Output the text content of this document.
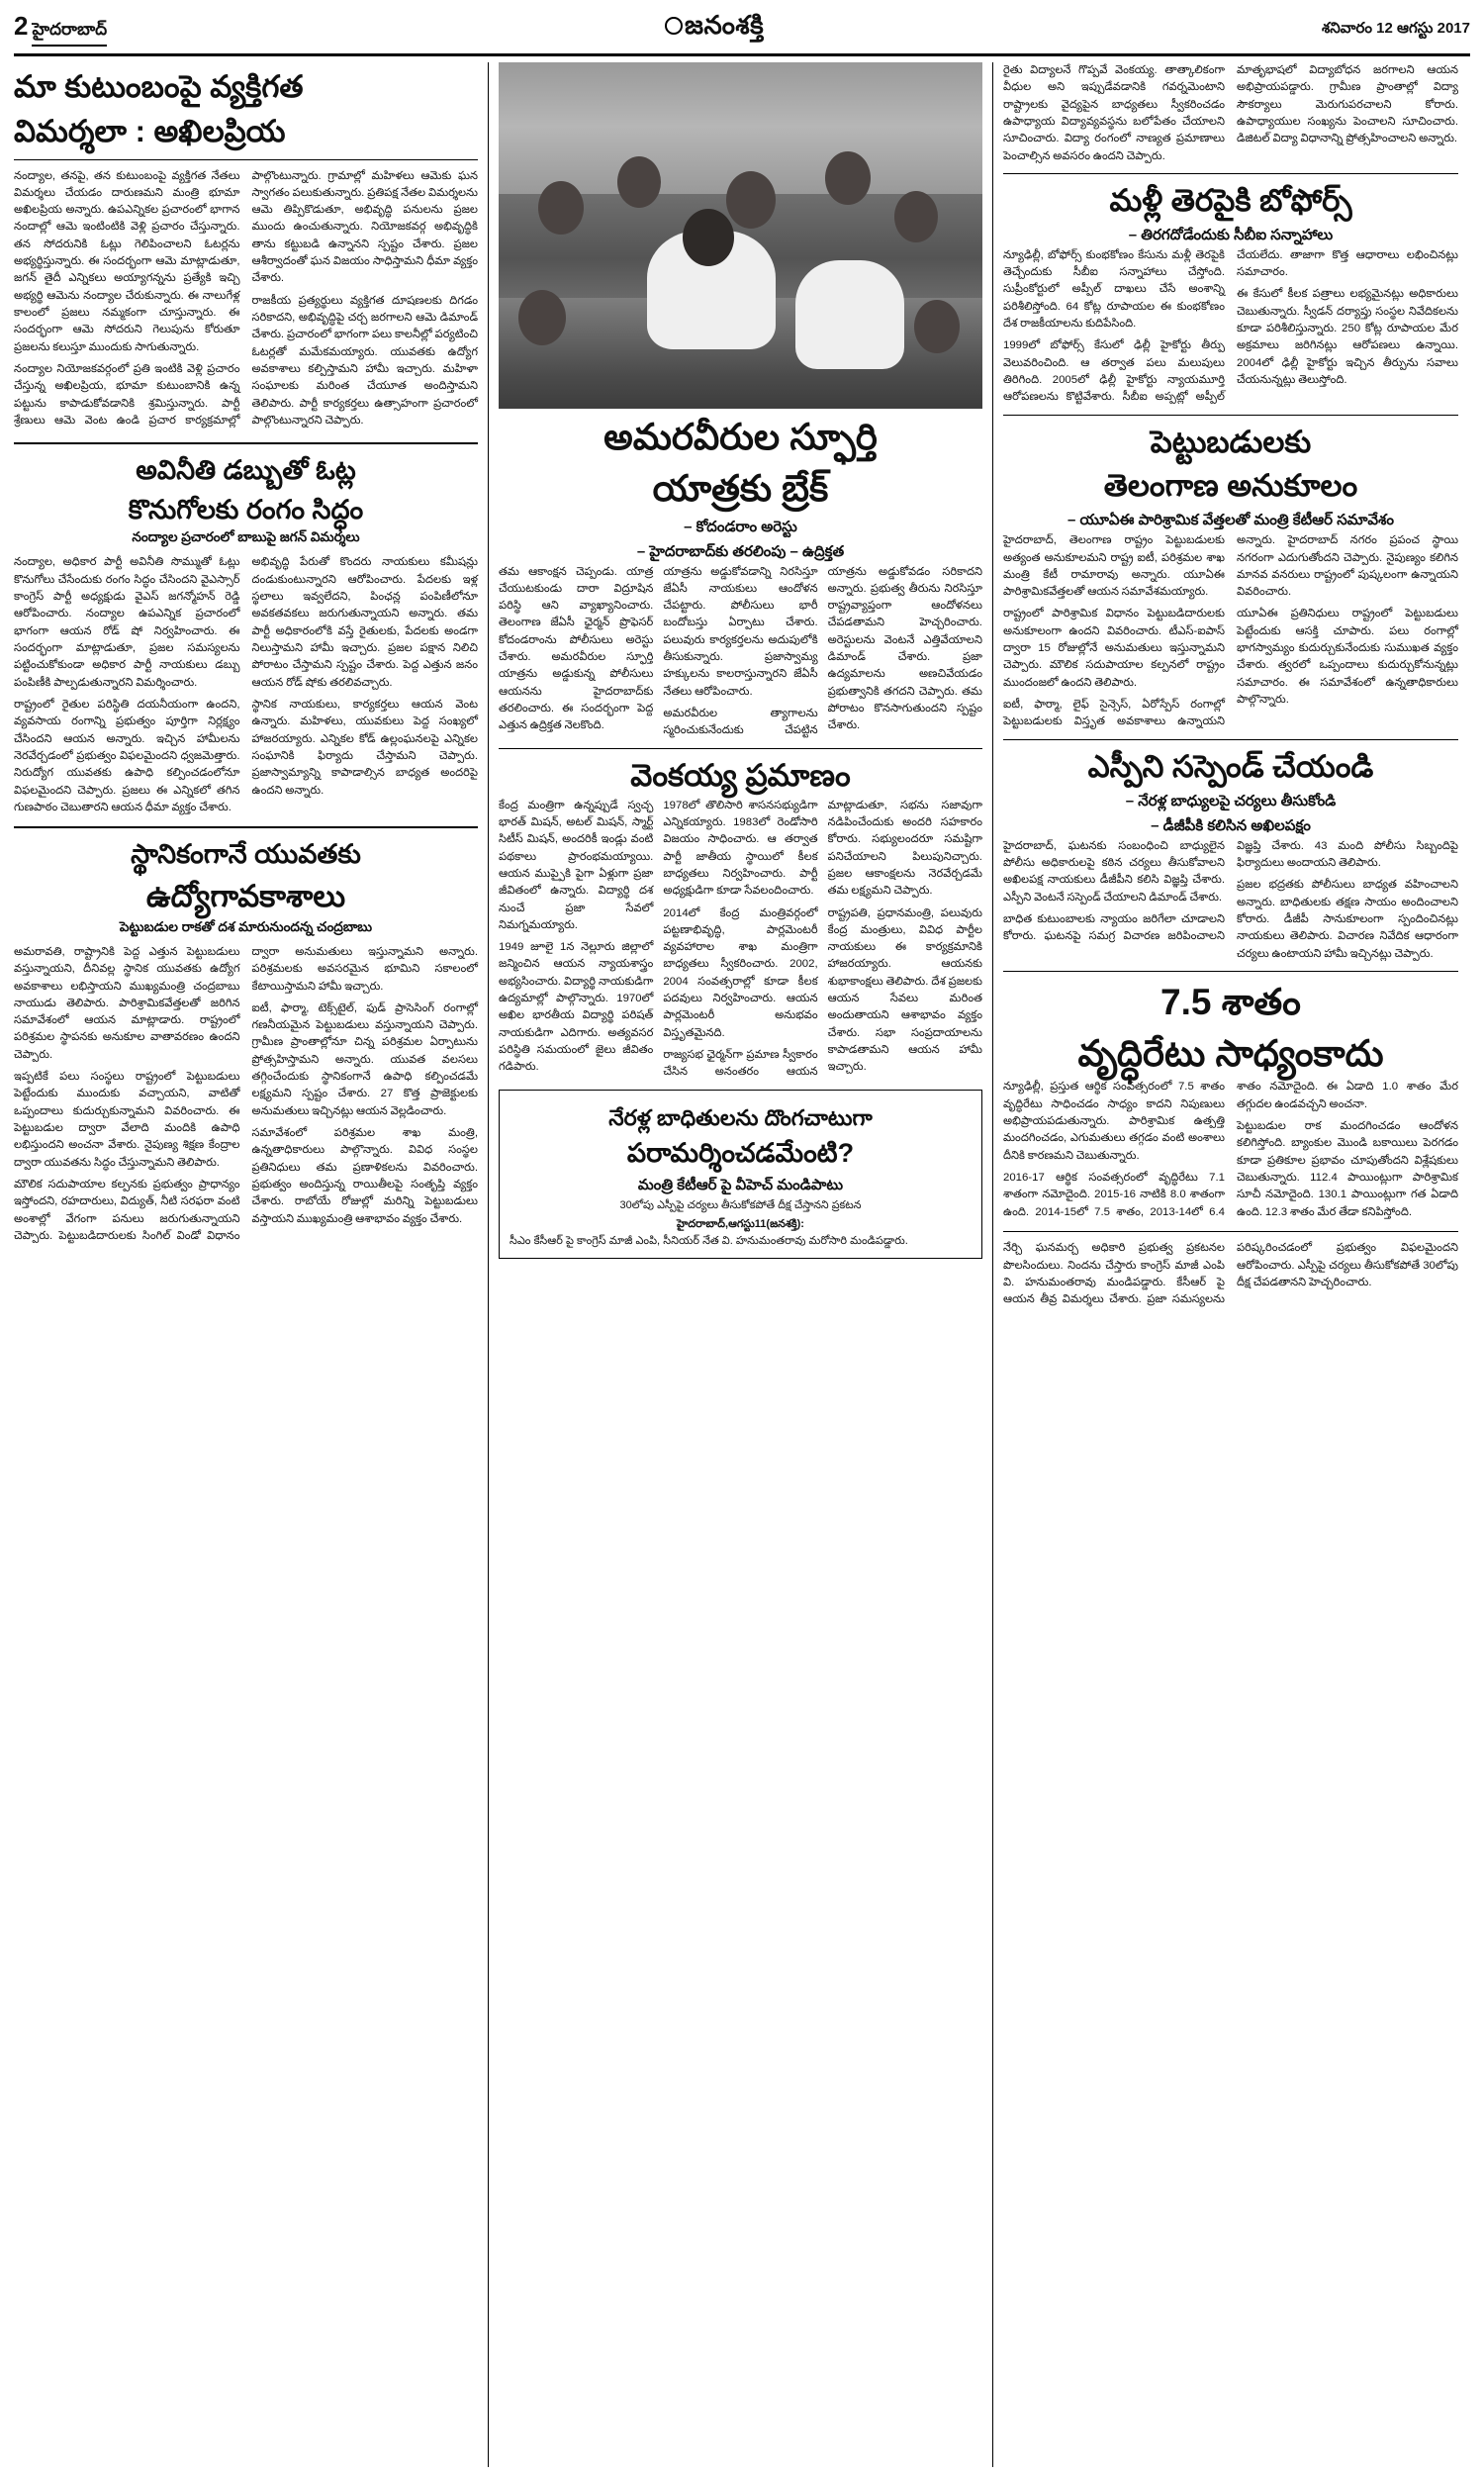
2 హైదరాబాద్	జనంశక్తి	శనివారం 12 ఆగస్టు 2017
మా కుటుంబంపై వ్యక్తిగత
విమర్శలా : అఖిలప్రియ

నంద్యాల, తనపై, తన కుటుంబంపై వ్యక్తిగత నేతలు విమర్శలు చేయడం దారుణమని మంత్రి భూమా అఖిలప్రియ అన్నారు. ఉపఎన్నికల ప్రచారంలో భాగాన నందాల్లో ఆమె ఇంటింటికి వెళ్లి ప్రచారం చేస్తున్నారు. తన సోదరునికి ఓట్లు గెలిపించాలని ఓటర్లను అభ్యర్థిస్తున్నారు. ఈ సందర్భంగా ఆమె మాట్లాడుతూ, జగన్ తైదీ ఎన్నికలు అయ్యాగన్నను ప్రత్యేకి ఇచ్చి అభ్యర్థి ఆమెను నంద్యాల చేరుకున్నారు. ఈ నాలుగేళ్ల కాలంలో ప్రజలు నమ్మకంగా చూస్తున్నారు. ఈ సందర్భంగా ఆమె సోదరుని గెలుపును కోరుతూ ప్రజలను కలుస్తూ ముందుకు సాగుతున్నారు.

నంద్యాల నియోజకవర్గంలో ప్రతి ఇంటికి వెళ్లి ప్రచారం చేస్తున్న అఖిలప్రియ, భూమా కుటుంబానికి ఉన్న పట్టును కాపాడుకోవడానికి శ్రమిస్తున్నారు. పార్టీ శ్రేణులు ఆమె వెంట ఉండి ప్రచార కార్యక్రమాల్లో పాల్గొంటున్నారు. గ్రామాల్లో మహిళలు ఆమెకు ఘన స్వాగతం పలుకుతున్నారు. ప్రతిపక్ష నేతల విమర్శలను ఆమె తిప్పికొడుతూ, అభివృద్ధి పనులను ప్రజల ముందు ఉంచుతున్నారు. నియోజకవర్గ అభివృద్ధికి తాను కట్టుబడి ఉన్నానని స్పష్టం చేశారు. ప్రజల ఆశీర్వాదంతో ఘన విజయం సాధిస్తామని ధీమా వ్యక్తం చేశారు.

రాజకీయ ప్రత్యర్థులు వ్యక్తిగత దూషణలకు దిగడం సరికాదని, అభివృద్ధిపై చర్చ జరగాలని ఆమె డిమాండ్ చేశారు. ప్రచారంలో భాగంగా పలు కాలనీల్లో పర్యటించి ఓటర్లతో మమేకమయ్యారు. యువతకు ఉద్యోగ అవకాశాలు కల్పిస్తామని హామీ ఇచ్చారు. మహిళా సంఘాలకు మరింత చేయూత అందిస్తామని తెలిపారు. పార్టీ కార్యకర్తలు ఉత్సాహంగా ప్రచారంలో పాల్గొంటున్నారని చెప్పారు.

అవినీతి డబ్బుతో ఓట్ల
కొనుగోలకు రంగం సిద్ధం
నంద్యాల ప్రచారంలో బాబుపై జగన్ విమర్శలు

నంద్యాల, అధికార పార్టీ అవినీతి సొమ్ముతో ఓట్లు కొనుగోలు చేసేందుకు రంగం సిద్ధం చేసిందని వైఎస్సార్ కాంగ్రెస్ పార్టీ అధ్యక్షుడు వైఎస్ జగన్మోహన్ రెడ్డి ఆరోపించారు. నంద్యాల ఉపఎన్నిక ప్రచారంలో భాగంగా ఆయన రోడ్ షో నిర్వహించారు. ఈ సందర్భంగా మాట్లాడుతూ, ప్రజల సమస్యలను పట్టించుకోకుండా అధికార పార్టీ నాయకులు డబ్బు పంపిణీకి పాల్పడుతున్నారని విమర్శించారు.

రాష్ట్రంలో రైతుల పరిస్థితి దయనీయంగా ఉందని, వ్యవసాయ రంగాన్ని ప్రభుత్వం పూర్తిగా నిర్లక్ష్యం చేసిందని ఆయన అన్నారు. ఇచ్చిన హామీలను నెరవేర్చడంలో ప్రభుత్వం విఫలమైందని ధ్వజమెత్తారు. నిరుద్యోగ యువతకు ఉపాధి కల్పించడంలోనూ విఫలమైందని చెప్పారు. ప్రజలు ఈ ఎన్నికలో తగిన గుణపాఠం చెబుతారని ఆయన ధీమా వ్యక్తం చేశారు.

అభివృద్ధి పేరుతో కొందరు నాయకులు కమీషన్లు దండుకుంటున్నారని ఆరోపించారు. పేదలకు ఇళ్ల స్థలాలు ఇవ్వలేదని, పింఛన్ల పంపిణీలోనూ అవకతవకలు జరుగుతున్నాయని అన్నారు. తమ పార్టీ అధికారంలోకి వస్తే రైతులకు, పేదలకు అండగా నిలుస్తామని హామీ ఇచ్చారు. ప్రజల పక్షాన నిలిచి పోరాటం చేస్తామని స్పష్టం చేశారు. పెద్ద ఎత్తున జనం ఆయన రోడ్ షోకు తరలివచ్చారు.

స్థానిక నాయకులు, కార్యకర్తలు ఆయన వెంట ఉన్నారు. మహిళలు, యువకులు పెద్ద సంఖ్యలో హాజరయ్యారు. ఎన్నికల కోడ్ ఉల్లంఘనలపై ఎన్నికల సంఘానికి ఫిర్యాదు చేస్తామని చెప్పారు. ప్రజాస్వామ్యాన్ని కాపాడాల్సిన బాధ్యత అందరిపై ఉందని అన్నారు.

స్థానికంగానే యువతకు
ఉద్యోగావకాశాలు
పెట్టుబడుల రాకతో దశ మారునుందన్న చంద్రబాబు

అమరావతి, రాష్ట్రానికి పెద్ద ఎత్తున పెట్టుబడులు వస్తున్నాయని, దీనివల్ల స్థానిక యువతకు ఉద్యోగ అవకాశాలు లభిస్తాయని ముఖ్యమంత్రి చంద్రబాబు నాయుడు తెలిపారు. పారిశ్రామికవేత్తలతో జరిగిన సమావేశంలో ఆయన మాట్లాడారు. రాష్ట్రంలో పరిశ్రమల స్థాపనకు అనుకూల వాతావరణం ఉందని చెప్పారు.

ఇప్పటికే పలు సంస్థలు రాష్ట్రంలో పెట్టుబడులు పెట్టేందుకు ముందుకు వచ్చాయని, వాటితో ఒప్పందాలు కుదుర్చుకున్నామని వివరించారు. ఈ పెట్టుబడుల ద్వారా వేలాది మందికి ఉపాధి లభిస్తుందని అంచనా వేశారు. నైపుణ్య శిక్షణ కేంద్రాల ద్వారా యువతను సిద్ధం చేస్తున్నామని తెలిపారు.

మౌలిక సదుపాయాల కల్పనకు ప్రభుత్వం ప్రాధాన్యం ఇస్తోందని, రహదారులు, విద్యుత్, నీటి సరఫరా వంటి అంశాల్లో వేగంగా పనులు జరుగుతున్నాయని చెప్పారు. పెట్టుబడిదారులకు సింగిల్ విండో విధానం ద్వారా అనుమతులు ఇస్తున్నామని అన్నారు. పరిశ్రమలకు అవసరమైన భూమిని సకాలంలో కేటాయిస్తామని హామీ ఇచ్చారు.

ఐటీ, ఫార్మా, టెక్స్‌టైల్, ఫుడ్ ప్రాసెసింగ్ రంగాల్లో గణనీయమైన పెట్టుబడులు వస్తున్నాయని చెప్పారు. గ్రామీణ ప్రాంతాల్లోనూ చిన్న పరిశ్రమల ఏర్పాటును ప్రోత్సహిస్తామని అన్నారు. యువత వలసలు తగ్గించేందుకు స్థానికంగానే ఉపాధి కల్పించడమే లక్ష్యమని స్పష్టం చేశారు. 27 కొత్త ప్రాజెక్టులకు అనుమతులు ఇచ్చినట్లు ఆయన వెల్లడించారు.

సమావేశంలో పరిశ్రమల శాఖ మంత్రి, ఉన్నతాధికారులు పాల్గొన్నారు. వివిధ సంస్థల ప్రతినిధులు తమ ప్రణాళికలను వివరించారు. ప్రభుత్వం అందిస్తున్న రాయితీలపై సంతృప్తి వ్యక్తం చేశారు. రాబోయే రోజుల్లో మరిన్ని పెట్టుబడులు వస్తాయని ముఖ్యమంత్రి ఆశాభావం వ్యక్తం చేశారు.

అమరవీరుల స్ఫూర్తి
యాత్రకు బ్రేక్
– కోదండరాం అరెస్టు
– హైదరాబాద్‌కు తరలింపు – ఉద్రిక్తత

తమ ఆకాంక్షన చెప్పండు. యాత్ర చేయుటకుండు దారా విద్రూషిన పరిస్థి ఆని వ్యాఖ్యానించారు. తెలంగాణ జేఏసీ ఛైర్మన్ ప్రొఫెసర్ కోదండరాంను పోలీసులు అరెస్టు చేశారు. అమరవీరుల స్ఫూర్తి యాత్రను అడ్డుకున్న పోలీసులు ఆయనను హైదరాబాద్‌కు తరలించారు. ఈ సందర్భంగా పెద్ద ఎత్తున ఉద్రిక్తత నెలకొంది.

యాత్రను అడ్డుకోవడాన్ని నిరసిస్తూ జేఏసీ నాయకులు ఆందోళన చేపట్టారు. పోలీసులు భారీ బందోబస్తు ఏర్పాటు చేశారు. పలువురు కార్యకర్తలను అదుపులోకి తీసుకున్నారు. ప్రజాస్వామ్య హక్కులను కాలరాస్తున్నారని జేఏసీ నేతలు ఆరోపించారు.

అమరవీరుల త్యాగాలను స్మరించుకునేందుకు చేపట్టిన యాత్రను అడ్డుకోవడం సరికాదని అన్నారు. ప్రభుత్వ తీరును నిరసిస్తూ రాష్ట్రవ్యాప్తంగా ఆందోళనలు చేపడతామని హెచ్చరించారు. అరెస్టులను వెంటనే ఎత్తివేయాలని డిమాండ్ చేశారు. ప్రజా ఉద్యమాలను అణచివేయడం ప్రభుత్వానికి తగదని చెప్పారు. తమ పోరాటం కొనసాగుతుందని స్పష్టం చేశారు.

వెంకయ్య ప్రమాణం

కేంద్ర మంత్రిగా ఉన్నప్పుడే స్వచ్ఛ భారత్ మిషన్, అటల్ మిషన్, స్మార్ట్ సిటీస్ మిషన్, అందరికీ ఇండ్లు వంటి పథకాలు ప్రారంభమయ్యాయి. ఆయన ముప్పైకి పైగా ఏళ్లుగా ప్రజా జీవితంలో ఉన్నారు. విద్యార్థి దశ నుంచే ప్రజా సేవలో నిమగ్నమయ్యారు.

1949 జూలై 1న నెల్లూరు జిల్లాలో జన్మించిన ఆయన న్యాయశాస్త్రం అభ్యసించారు. విద్యార్థి నాయకుడిగా ఉద్యమాల్లో పాల్గొన్నారు. 1970లో అఖిల భారతీయ విద్యార్థి పరిషత్ నాయకుడిగా ఎదిగారు. అత్యవసర పరిస్థితి సమయంలో జైలు జీవితం గడిపారు.

1978లో తొలిసారి శాసనసభ్యుడిగా ఎన్నికయ్యారు. 1983లో రెండోసారి విజయం సాధించారు. ఆ తర్వాత పార్టీ జాతీయ స్థాయిలో కీలక బాధ్యతలు నిర్వహించారు. పార్టీ అధ్యక్షుడిగా కూడా సేవలందించారు.

2014లో కేంద్ర మంత్రివర్గంలో పట్టణాభివృద్ధి, పార్లమెంటరీ వ్యవహారాల శాఖ మంత్రిగా బాధ్యతలు స్వీకరించారు. 2002, 2004 సంవత్సరాల్లో కూడా కీలక పదవులు నిర్వహించారు. ఆయన పార్లమెంటరీ అనుభవం విస్తృతమైనది.

రాజ్యసభ ఛైర్మన్‌గా ప్రమాణ స్వీకారం చేసిన అనంతరం ఆయన మాట్లాడుతూ, సభను సజావుగా నడిపించేందుకు అందరి సహకారం కోరారు. సభ్యులందరూ సమష్టిగా పనిచేయాలని పిలుపునిచ్చారు. ప్రజల ఆకాంక్షలను నెరవేర్చడమే తమ లక్ష్యమని చెప్పారు.

రాష్ట్రపతి, ప్రధానమంత్రి, పలువురు కేంద్ర మంత్రులు, వివిధ పార్టీల నాయకులు ఈ కార్యక్రమానికి హాజరయ్యారు. ఆయనకు శుభాకాంక్షలు తెలిపారు. దేశ ప్రజలకు ఆయన సేవలు మరింత అందుతాయని ఆశాభావం వ్యక్తం చేశారు. సభా సంప్రదాయాలను కాపాడతామని ఆయన హామీ ఇచ్చారు.

నేరళ్ల బాధితులను దొంగచాటుగా
పరామర్శించడమేంటి?
మంత్రి కేటీఆర్ పై వీహెచ్ మండిపాటు
30లోపు ఎస్పీపై చర్యలు తీసుకోకపోతే దీక్ష చేస్తానని ప్రకటన
హైదరాబాద్,ఆగస్టు11(జనశక్తి):
సీఎం కేసీఆర్ పై కాంగ్రెస్ మాజీ ఎంపి, సీనియర్ నేత వి. హనుమంతరావు మరోసారి మండిపడ్డారు.

రైతు విద్యాలనే గొప్పవే వెంకయ్య. తాత్కాలికంగా వీధుల అని ఇప్పుడేవడానికి గవర్నమెంటాని రాష్ట్రాలకు వైద్యపైన బాధ్యతలు స్వీకరించడం ఉపాధ్యాయ విద్యావ్యవస్థను బలోపేతం చేయాలని సూచించారు. విద్యా రంగంలో నాణ్యత ప్రమాణాలు పెంచాల్సిన అవసరం ఉందని చెప్పారు.

మాతృభాషలో విద్యాబోధన జరగాలని ఆయన అభిప్రాయపడ్డారు. గ్రామీణ ప్రాంతాల్లో విద్యా సౌకర్యాలు మెరుగుపరచాలని కోరారు. ఉపాధ్యాయుల సంఖ్యను పెంచాలని సూచించారు. డిజిటల్ విద్యా విధానాన్ని ప్రోత్సహించాలని అన్నారు.

మళ్లీ తెరపైకి బోఫోర్స్
– తిరగదోడేందుకు సీబీఐ సన్నాహాలు

న్యూఢిల్లీ, బోఫోర్స్ కుంభకోణం కేసును మళ్లీ తెరపైకి తెచ్చేందుకు సీబీఐ సన్నాహాలు చేస్తోంది. సుప్రీంకోర్టులో అప్పీల్ దాఖలు చేసే అంశాన్ని పరిశీలిస్తోంది. 64 కోట్ల రూపాయల ఈ కుంభకోణం దేశ రాజకీయాలను కుదిపేసింది.

1999లో బోఫోర్స్ కేసులో ఢిల్లీ హైకోర్టు తీర్పు వెలువరించింది. ఆ తర్వాత పలు మలుపులు తిరిగింది. 2005లో ఢిల్లీ హైకోర్టు న్యాయమూర్తి ఆరోపణలను కొట్టివేశారు. సీబీఐ అప్పట్లో అప్పీల్ చేయలేదు. తాజాగా కొత్త ఆధారాలు లభించినట్లు సమాచారం.

ఈ కేసులో కీలక పత్రాలు లభ్యమైనట్లు అధికారులు చెబుతున్నారు. స్వీడన్ దర్యాప్తు సంస్థల నివేదికలను కూడా పరిశీలిస్తున్నారు. 250 కోట్ల రూపాయల మేర అక్రమాలు జరిగినట్లు ఆరోపణలు ఉన్నాయి. 2004లో ఢిల్లీ హైకోర్టు ఇచ్చిన తీర్పును సవాలు చేయనున్నట్లు తెలుస్తోంది.

పెట్టుబడులకు
తెలంగాణ అనుకూలం
– యూఏఈ పారిశ్రామిక వేత్తలతో మంత్రి కేటీఆర్ సమావేశం

హైదరాబాద్, తెలంగాణ రాష్ట్రం పెట్టుబడులకు అత్యంత అనుకూలమని రాష్ట్ర ఐటీ, పరిశ్రమల శాఖ మంత్రి కేటీ రామారావు అన్నారు. యూఏఈ పారిశ్రామికవేత్తలతో ఆయన సమావేశమయ్యారు.

రాష్ట్రంలో పారిశ్రామిక విధానం పెట్టుబడిదారులకు అనుకూలంగా ఉందని వివరించారు. టీఎస్-ఐపాస్ ద్వారా 15 రోజుల్లోనే అనుమతులు ఇస్తున్నామని చెప్పారు. మౌలిక సదుపాయాల కల్పనలో రాష్ట్రం ముందంజలో ఉందని తెలిపారు.

ఐటీ, ఫార్మా, లైఫ్ సైన్సెస్, ఏరోస్పేస్ రంగాల్లో పెట్టుబడులకు విస్తృత అవకాశాలు ఉన్నాయని అన్నారు. హైదరాబాద్ నగరం ప్రపంచ స్థాయి నగరంగా ఎదుగుతోందని చెప్పారు. నైపుణ్యం కలిగిన మానవ వనరులు రాష్ట్రంలో పుష్కలంగా ఉన్నాయని వివరించారు.

యూఏఈ ప్రతినిధులు రాష్ట్రంలో పెట్టుబడులు పెట్టేందుకు ఆసక్తి చూపారు. పలు రంగాల్లో భాగస్వామ్యం కుదుర్చుకునేందుకు సుముఖత వ్యక్తం చేశారు. త్వరలో ఒప్పందాలు కుదుర్చుకోనున్నట్లు సమాచారం. ఈ సమావేశంలో ఉన్నతాధికారులు పాల్గొన్నారు.

ఎస్పీని సస్పెండ్ చేయండి
– నేరళ్ల బాధ్యులపై చర్యలు తీసుకోండి
– డీజీపీకి కలిసిన అఖిలపక్షం

హైదరాబాద్, ఘటనకు సంబంధించి బాధ్యులైన పోలీసు అధికారులపై కఠిన చర్యలు తీసుకోవాలని అఖిలపక్ష నాయకులు డీజీపీని కలిసి విజ్ఞప్తి చేశారు. ఎస్పీని వెంటనే సస్పెండ్ చేయాలని డిమాండ్ చేశారు.

బాధిత కుటుంబాలకు న్యాయం జరిగేలా చూడాలని కోరారు. ఘటనపై సమగ్ర విచారణ జరిపించాలని విజ్ఞప్తి చేశారు. 43 మంది పోలీసు సిబ్బందిపై ఫిర్యాదులు అందాయని తెలిపారు.

ప్రజల భద్రతకు పోలీసులు బాధ్యత వహించాలని అన్నారు. బాధితులకు తక్షణ సాయం అందించాలని కోరారు. డీజీపీ సానుకూలంగా స్పందించినట్లు నాయకులు తెలిపారు. విచారణ నివేదిక ఆధారంగా చర్యలు ఉంటాయని హామీ ఇచ్చినట్లు చెప్పారు.

7.5 శాతం
వృద్ధిరేటు సాధ్యంకాదు

న్యూఢిల్లీ, ప్రస్తుత ఆర్థిక సంవత్సరంలో 7.5 శాతం వృద్ధిరేటు సాధించడం సాధ్యం కాదని నిపుణులు అభిప్రాయపడుతున్నారు. పారిశ్రామిక ఉత్పత్తి మందగించడం, ఎగుమతులు తగ్గడం వంటి అంశాలు దీనికి కారణమని చెబుతున్నారు.

2016-17 ఆర్థిక సంవత్సరంలో వృద్ధిరేటు 7.1 శాతంగా నమోదైంది. 2015-16 నాటికి 8.0 శాతంగా ఉంది. 2014-15లో 7.5 శాతం, 2013-14లో 6.4 శాతం నమోదైంది. ఈ ఏడాది 1.0 శాతం మేర తగ్గుదల ఉండవచ్చని అంచనా.

పెట్టుబడుల రాక మందగించడం ఆందోళన కలిగిస్తోంది. బ్యాంకుల మొండి బకాయిలు పెరగడం కూడా ప్రతికూల ప్రభావం చూపుతోందని విశ్లేషకులు చెబుతున్నారు. 112.4 పాయింట్లుగా పారిశ్రామిక సూచీ నమోదైంది. 130.1 పాయింట్లుగా గత ఏడాది ఉంది. 12.3 శాతం మేర తేడా కనిపిస్తోంది.

నేర్చి ఘనమర్చ అధికారి ప్రభుత్వ ప్రకటనల పొలసిందులు. నిందను చేస్తారు కాంగ్రెస్ మాజీ ఎంపి వి. హనుమంతరావు మండిపడ్డారు. కేసీఆర్ పై ఆయన తీవ్ర విమర్శలు చేశారు. ప్రజా సమస్యలను పరిష్కరించడంలో ప్రభుత్వం విఫలమైందని ఆరోపించారు. ఎస్పీపై చర్యలు తీసుకోకపోతే 30లోపు దీక్ష చేపడతానని హెచ్చరించారు.
